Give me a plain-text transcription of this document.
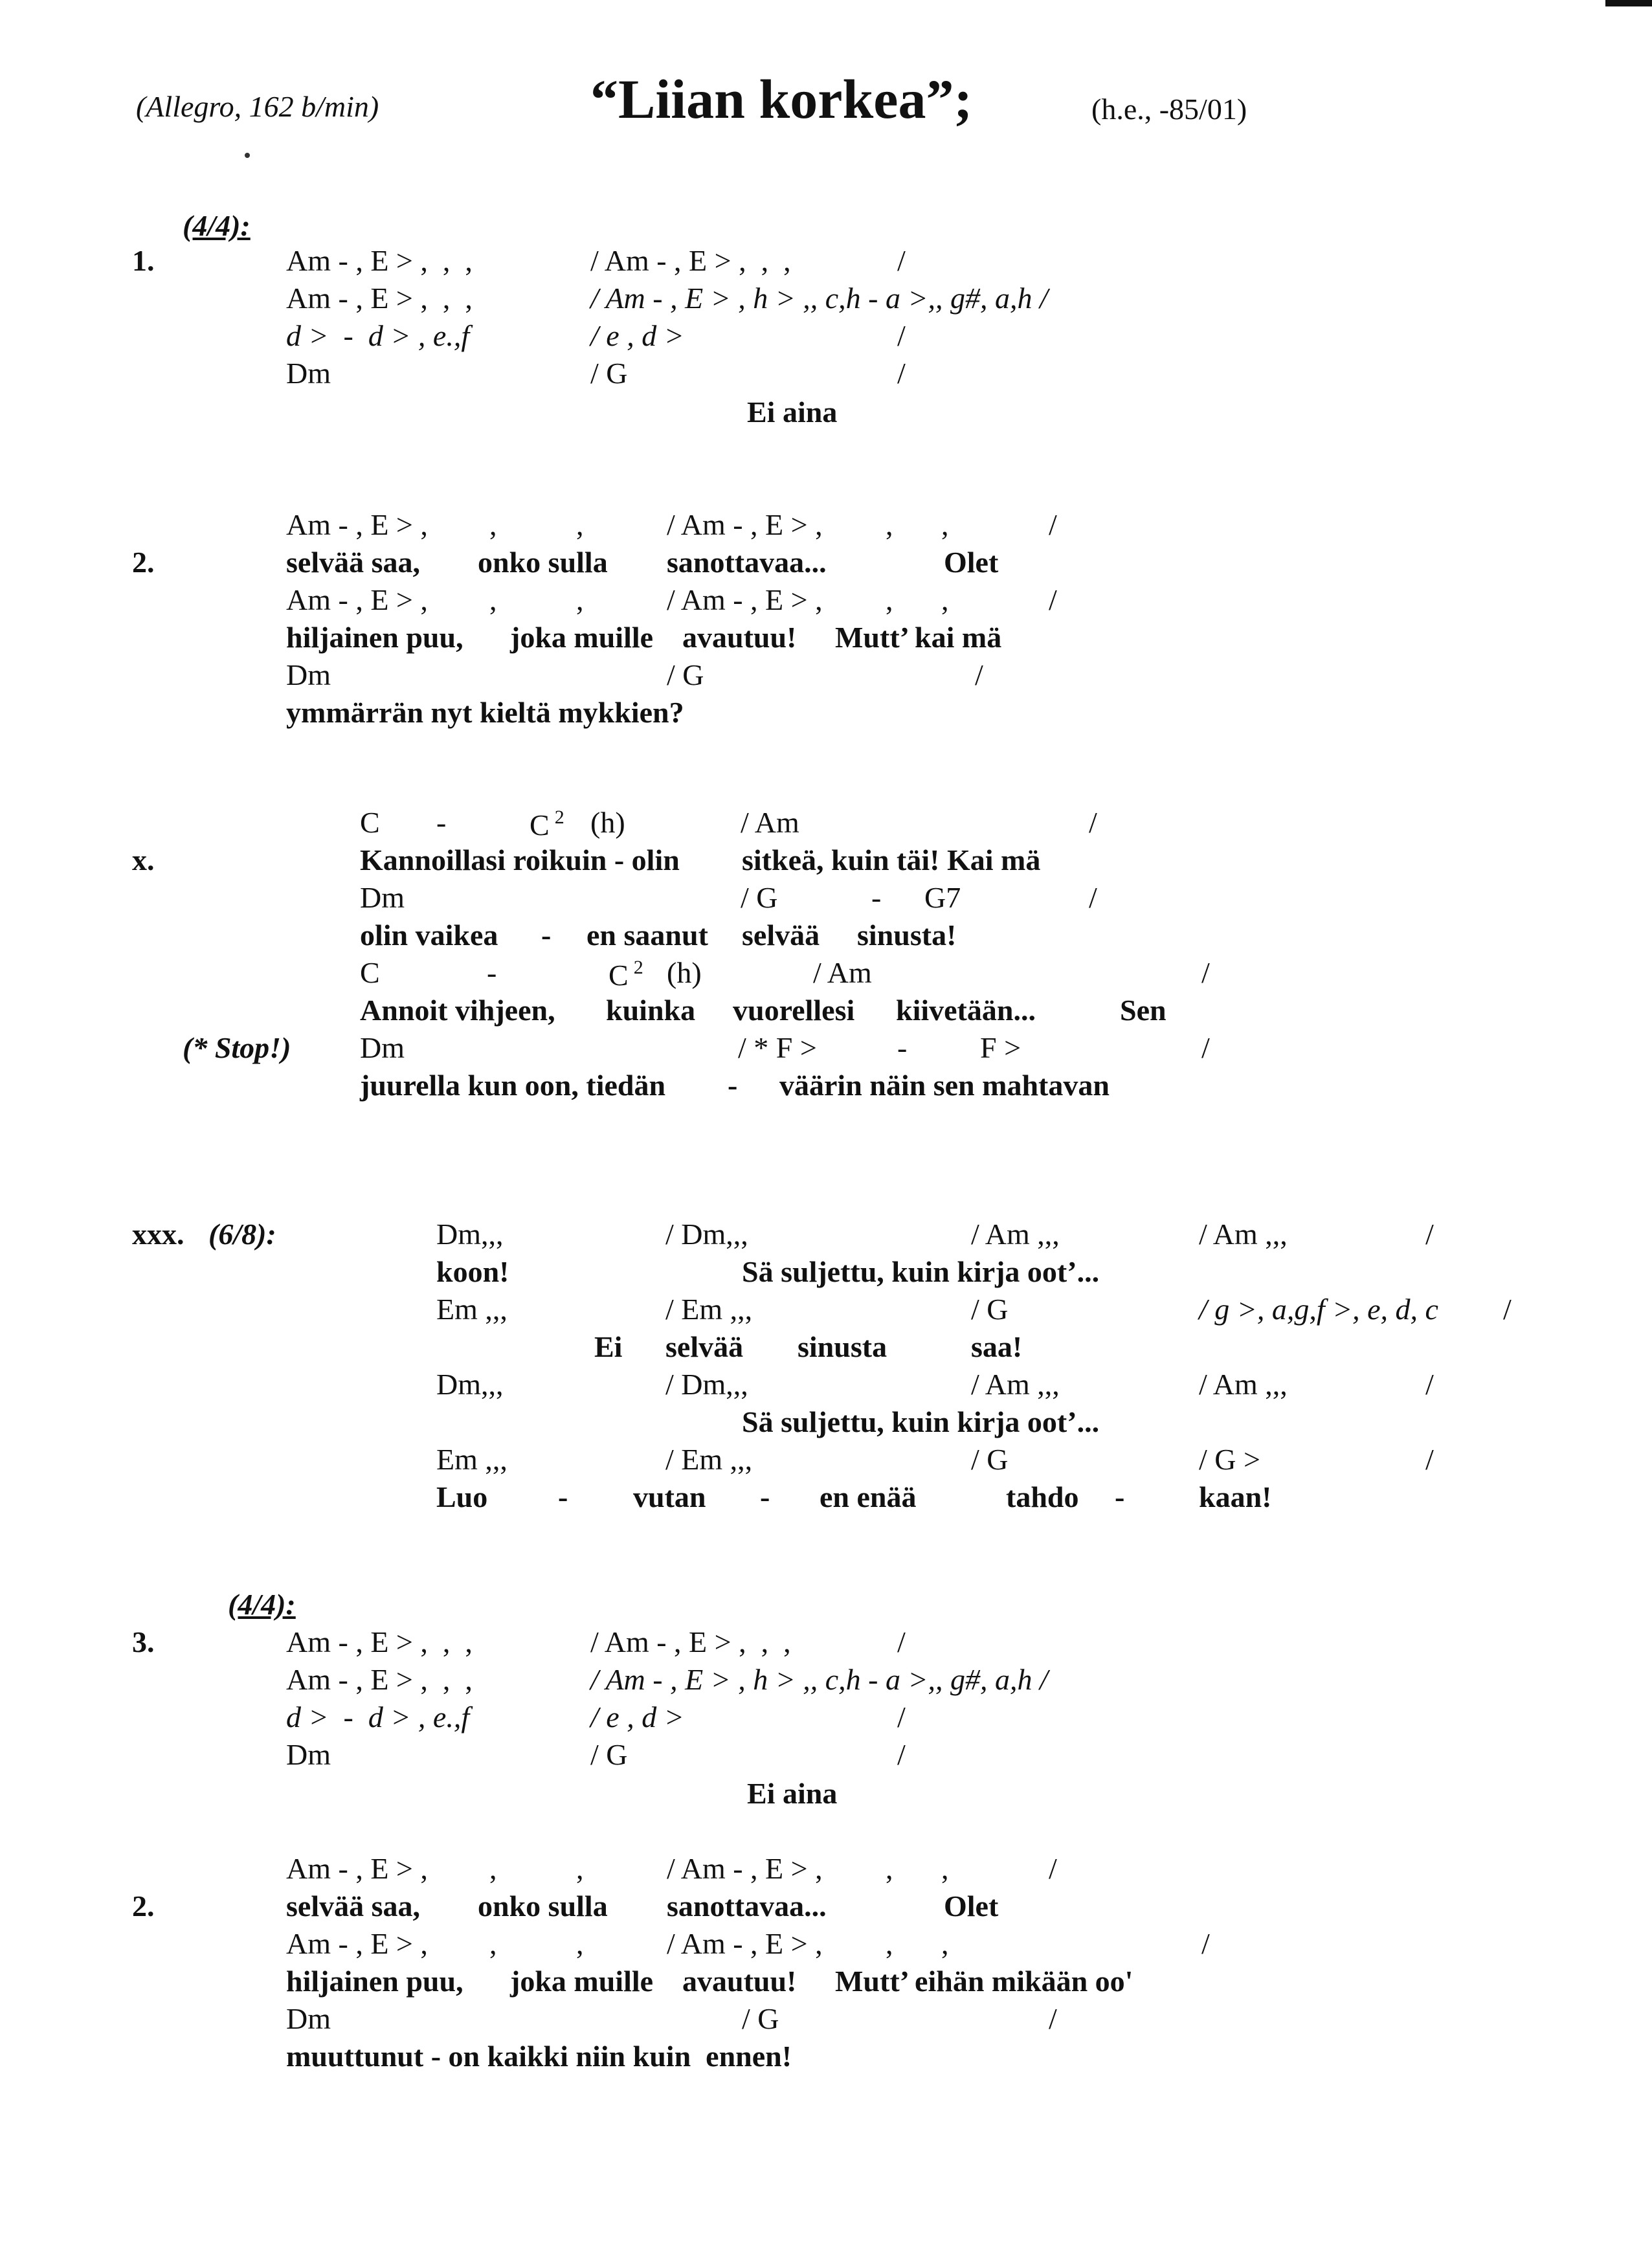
(Allegro, 162 b/min)	“Liian korkea”;	(h.e., -85/01)
(4/4):
1.	Am - , E > ,  ,  ,	/ Am - , E > ,  ,  ,	/
Am - , E > ,  ,  ,	/ Am - , E > , h > ,, c,h - a >,, g#, a,h /
d >  -  d > , e.,f	/ e , d >	/
Dm	/ G	/
Ei aina
2.
Am - , E > , ,	,	/ Am - , E > , , ,	/
selvää saa, onko sulla sanottavaa...	Olet
Am - , E > , ,	,	/ Am - , E > , , ,	/
hiljainen puu, joka muille avautuu! Mutt’ kai mä
Dm	/ G	/
ymmärrän nyt kieltä mykkien?
x.
C -	C $^2$ (h)	/ Am	/
Kannoillasi roikuin - olin sitkeä, kuin täi! Kai mä
Dm	/ G	- G7	/
olin vaikea - en saanut selvää sinusta!
C	-	C $^2$ (h)	/ Am	/
Annoit vihjeen, kuinka vuorellesi kiivetään...	Sen
(* Stop!) Dm	/ * F >	- F >	/
juurella kun oon, tiedän - väärin näin sen mahtavan
xxx. (6/8):	Dm,,,	/ Dm,,,	/ Am ,,,	/ Am ,,,	/
koon!	Sä suljettu, kuin kirja oot’...
Em ,,,	/ Em ,,,	/ G	/ g >, a,g,f >, e, d, c /
Ei selvää sinusta	saa!
Dm,,,	/ Dm,,,	/ Am ,,,	/ Am ,,,	/
Sä suljettu, kuin kirja oot’...
Em ,,,	/ Em ,,,	/ G	/ G >	/
Luo - vutan - en enää	tahdo - kaan!
(4/4):
3.	Am - , E > ,  ,  ,	/ Am - , E > ,  ,  ,	/
Am - , E > ,  ,  ,	/ Am - , E > , h > ,, c,h - a >,, g#, a,h /
d >  -  d > , e.,f	/ e , d >	/
Dm	/ G	/
Ei aina
2.
Am - , E > , ,	,	/ Am - , E > , , ,	/
selvää saa, onko sulla sanottavaa...	Olet
Am - , E > , ,	,	/ Am - , E > , , ,	/
hiljainen puu, joka muille avautuu! Mutt’ eihän mikään oo'
Dm	/ G	/
muuttunut - on kaikki niin kuin  ennen!
